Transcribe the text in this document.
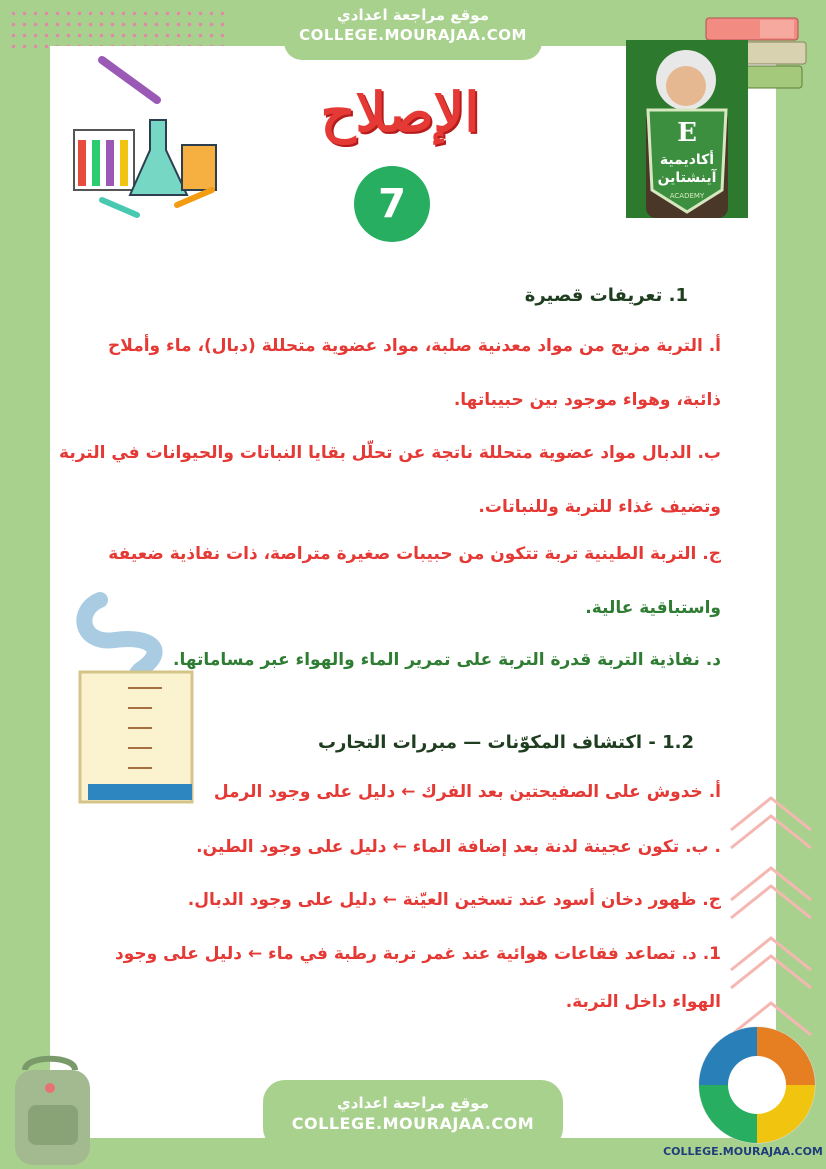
موقع مراجعة اعدادي
COLLEGE.MOURAJAA.COM
E
أكاديمية
آينشتاين
ACADEMY
الإصلاح
7
1. تعريفات قصيرة
أ. التربة مزيج من مواد معدنية صلبة، مواد عضوية متحللة (دبال)، ماء وأملاح
ذائبة، وهواء موجود بين حبيباتها.
ب. الدبال مواد عضوية متحللة ناتجة عن تحلّل بقايا النباتات والحيوانات في التربة
وتضيف غذاء للتربة وللنباتات.
ج. التربة الطينية تربة تتكون من حبيبات صغيرة متراصة، ذات نفاذية ضعيفة
واستباقية عالية.
د. نفاذية التربة قدرة التربة على تمرير الماء والهواء عبر مساماتها.
1.2 - اكتشاف المكوّنات — مبررات التجارب
أ. خدوش على الصفيحتين بعد الفرك ← دليل على وجود الرمل
. ب. تكون عجينة لدنة بعد إضافة الماء ← دليل على وجود الطين.
ج. ظهور دخان أسود عند تسخين العيّنة ← دليل على وجود الدبال.
1. د. تصاعد فقاعات هوائية عند غمر تربة رطبة في ماء ← دليل على وجود
الهواء داخل التربة.
موقع مراجعة اعدادي
COLLEGE.MOURAJAA.COM
COLLEGE.MOURAJAA.COM
